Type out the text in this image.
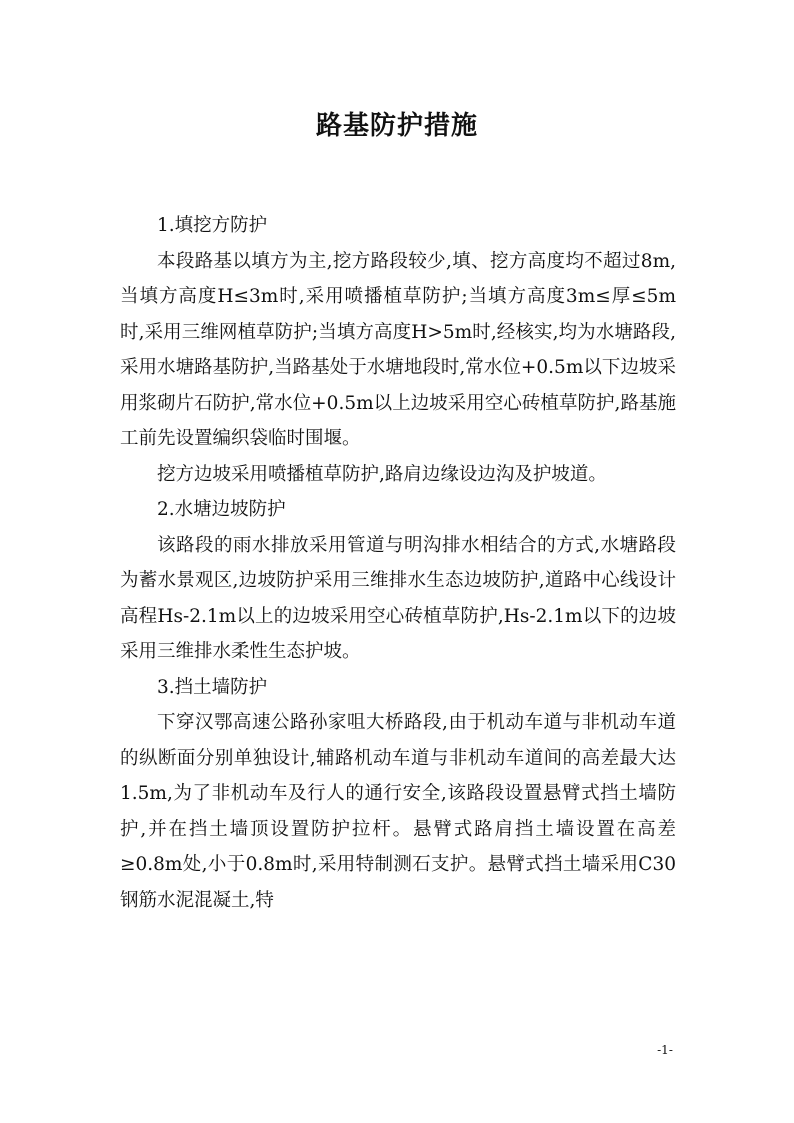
路基防护措施

1.填挖方防护

本段路基以填方为主,挖方路段较少,填、挖方高度均不超过8m,当填方高度H≤3m时,采用喷播植草防护;当填方高度3m≤厚≤5m时,采用三维网植草防护;当填方高度H>5m时,经核实,均为水塘路段,采用水塘路基防护,当路基处于水塘地段时,常水位+0.5m以下边坡采用浆砌片石防护,常水位+0.5m以上边坡采用空心砖植草防护,路基施工前先设置编织袋临时围堰。

挖方边坡采用喷播植草防护,路肩边缘设边沟及护坡道。

2.水塘边坡防护

该路段的雨水排放采用管道与明沟排水相结合的方式,水塘路段为蓄水景观区,边坡防护采用三维排水生态边坡防护,道路中心线设计高程Hs-2.1m以上的边坡采用空心砖植草防护,Hs-2.1m以下的边坡采用三维排水柔性生态护坡。

3.挡土墙防护

下穿汉鄂高速公路孙家咀大桥路段,由于机动车道与非机动车道的纵断面分别单独设计,辅路机动车道与非机动车道间的高差最大达1.5m,为了非机动车及行人的通行安全,该路段设置悬臂式挡土墙防护,并在挡土墙顶设置防护拉杆。悬臂式路肩挡土墙设置在高差≥0.8m处,小于0.8m时,采用特制测石支护。悬臂式挡土墙采用C30钢筋水泥混凝土,特

-1-
